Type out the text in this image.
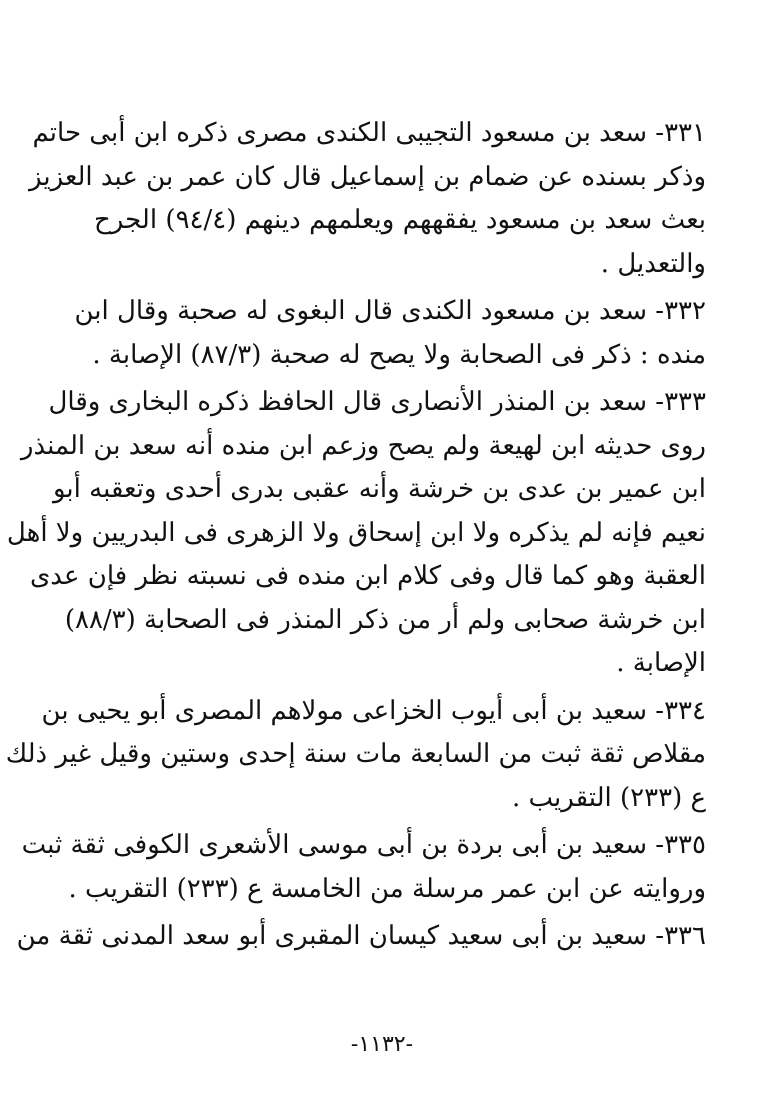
٣٣١- سعد بن مسعود التجيبى الكندى مصرى ذكره ابن أبى حاتم
وذكر بسنده عن ضمام بن إسماعيل قال كان عمر بن عبد العزيز
بعث سعد بن مسعود يفقههم ويعلمهم دينهم (٩٤/٤) الجرح
والتعديل .
٣٣٢- سعد بن مسعود الكندى قال البغوى له صحبة وقال ابن
منده : ذكر فى الصحابة ولا يصح له صحبة (٨٧/٣) الإصابة .
٣٣٣- سعد بن المنذر الأنصارى قال الحافظ ذكره البخارى وقال
روى حديثه ابن لهيعة ولم يصح وزعم ابن منده أنه سعد بن المنذر
ابن عمير بن عدى بن خرشة وأنه عقبى بدرى أحدى وتعقبه أبو
نعيم فإنه لم يذكره ولا ابن إسحاق ولا الزهرى فى البدريين ولا أهل
العقبة وهو كما قال وفى كلام ابن منده فى نسبته نظر فإن عدى
ابن خرشة صحابى ولم أر من ذكر المنذر فى الصحابة (٨٨/٣)
الإصابة .
٣٣٤- سعيد بن أبى أيوب الخزاعى مولاهم المصرى أبو يحيى بن
مقلاص ثقة ثبت من السابعة مات سنة إحدى وستين وقيل غير ذلك
ع (٢٣٣) التقريب .
٣٣٥- سعيد بن أبى بردة بن أبى موسى الأشعرى الكوفى ثقة ثبت
وروايته عن ابن عمر مرسلة من الخامسة ع (٢٣٣) التقريب .
٣٣٦- سعيد بن أبى سعيد كيسان المقبرى أبو سعد المدنى ثقة من
-١١٣٢-
